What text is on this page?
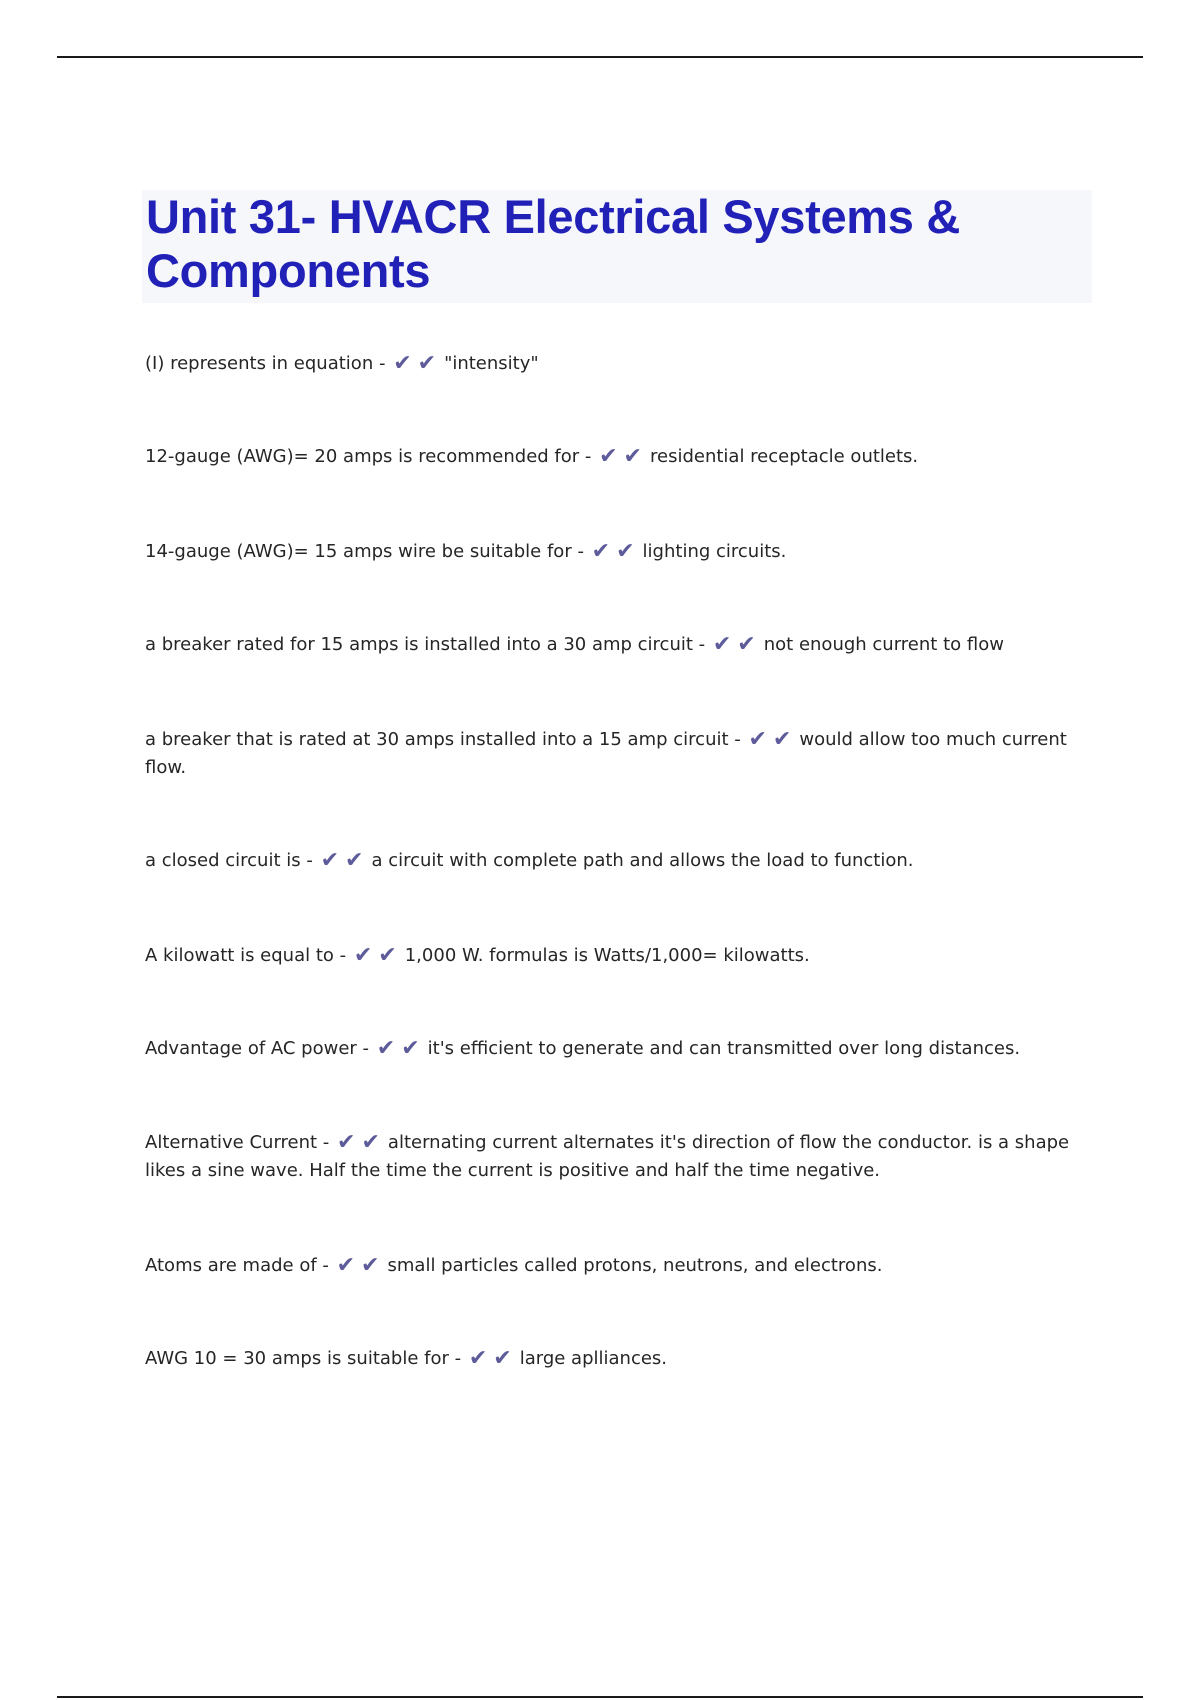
Unit 31- HVACR Electrical Systems & Components
(I) represents in equation - ✔✔ "intensity"
12-gauge (AWG)= 20 amps is recommended for - ✔✔ residential receptacle outlets.
14-gauge (AWG)= 15 amps wire be suitable for - ✔✔ lighting circuits.
a breaker rated for 15 amps is installed into a 30 amp circuit - ✔✔ not enough current to flow
a breaker that is rated at 30 amps installed into a 15 amp circuit - ✔✔ would allow too much current flow.
a closed circuit is - ✔✔ a circuit with complete path and allows the load to function.
A kilowatt is equal to - ✔✔ 1,000 W. formulas is Watts/1,000= kilowatts.
Advantage of AC power - ✔✔ it's efficient to generate and can transmitted over long distances.
Alternative Current - ✔✔ alternating current alternates it's direction of flow the conductor. is a shape likes a sine wave. Half the time the current is positive and half the time negative.
Atoms are made of - ✔✔ small particles called protons, neutrons, and electrons.
AWG 10 = 30 amps is suitable for - ✔✔ large aplliances.
